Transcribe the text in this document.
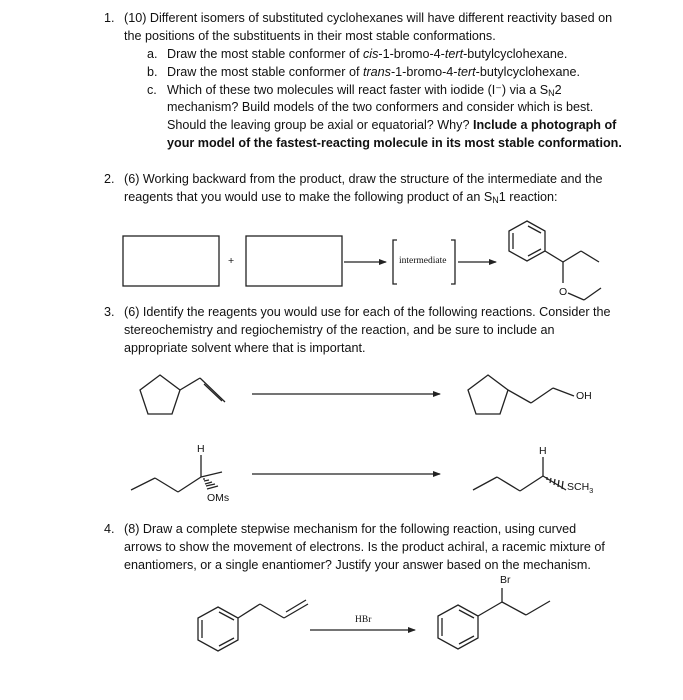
1. (10) Different isomers of substituted cyclohexanes will have different reactivity based on
the positions of the substituents in their most stable conformations.
a. Draw the most stable conformer of cis-1-bromo-4-tert-butylcyclohexane.
b. Draw the most stable conformer of trans-1-bromo-4-tert-butylcyclohexane.
c. Which of these two molecules will react faster with iodide (I⁻) via a $S_N2$
mechanism? Build models of the two conformers and consider which is best.
Should the leaving group be axial or equatorial? Why? Include a photograph of
your model of the fastest-reacting molecule in its most stable conformation.
2. (6) Working backward from the product, draw the structure of the intermediate and the
reagents that you would use to make the following product of an $S_N1$ reaction:
3. (6) Identify the reagents you would use for each of the following reactions. Consider the
stereochemistry and regiochemistry of the reaction, and be sure to include an
appropriate solvent where that is important.
4. (8) Draw a complete stepwise mechanism for the following reaction, using curved
arrows to show the movement of electrons. Is the product achiral, a racemic mixture of
enantiomers, or a single enantiomer? Justify your answer based on the mechanism.
+	intermediate
O
OH
H
OMs
H
$SCH_3$
HBr
Br
